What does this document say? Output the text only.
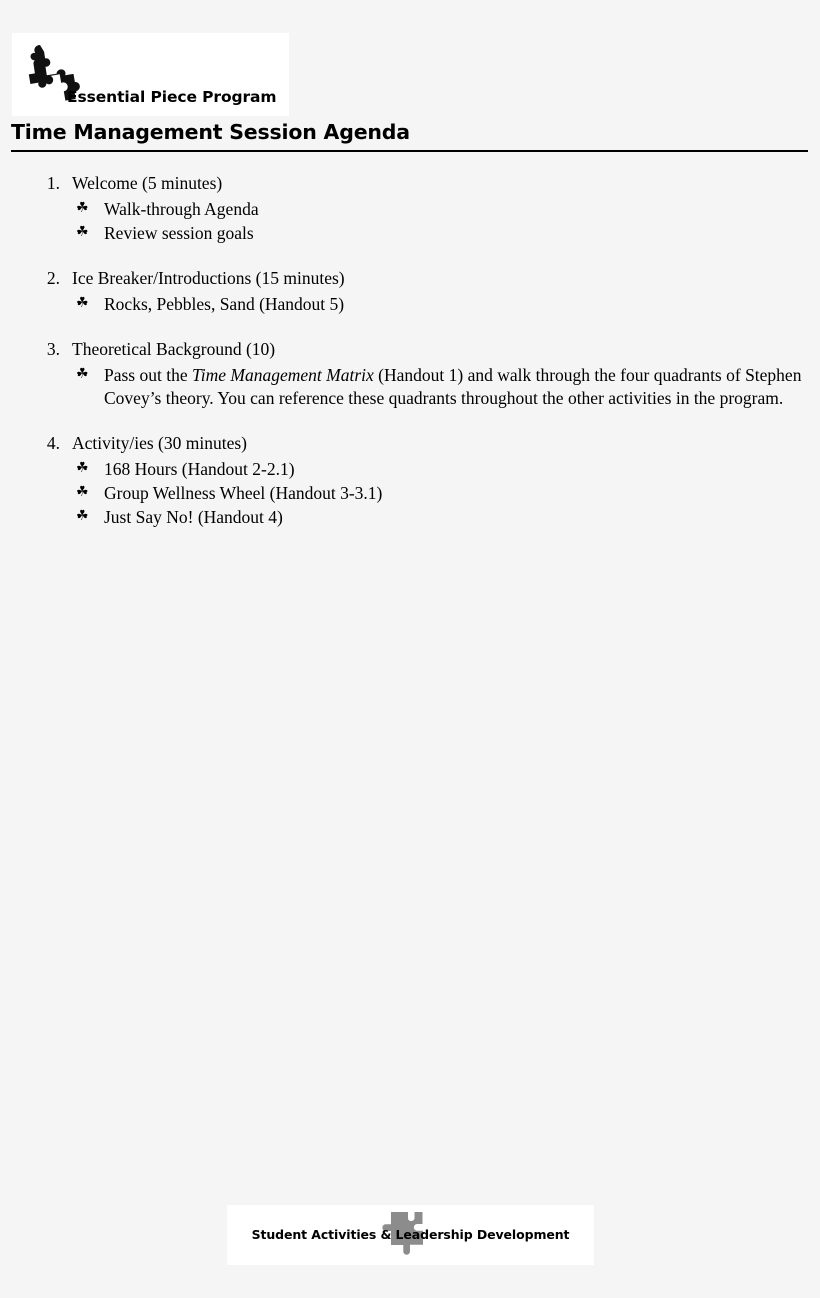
Essential Piece Program
Time Management Session Agenda
1. Welcome (5 minutes)
☘ Walk-through Agenda
☘ Review session goals
2. Ice Breaker/Introductions (15 minutes)
☘ Rocks, Pebbles, Sand (Handout 5)
3. Theoretical Background (10)
☘ Pass out the Time Management Matrix (Handout 1) and walk through the four quadrants of Stephen Covey’s theory. You can reference these quadrants throughout the other activities in the program.
4. Activity/ies (30 minutes)
☘ 168 Hours (Handout 2-2.1)
☘ Group Wellness Wheel (Handout 3-3.1)
☘ Just Say No! (Handout 4)
Student Activities & Leadership Development
